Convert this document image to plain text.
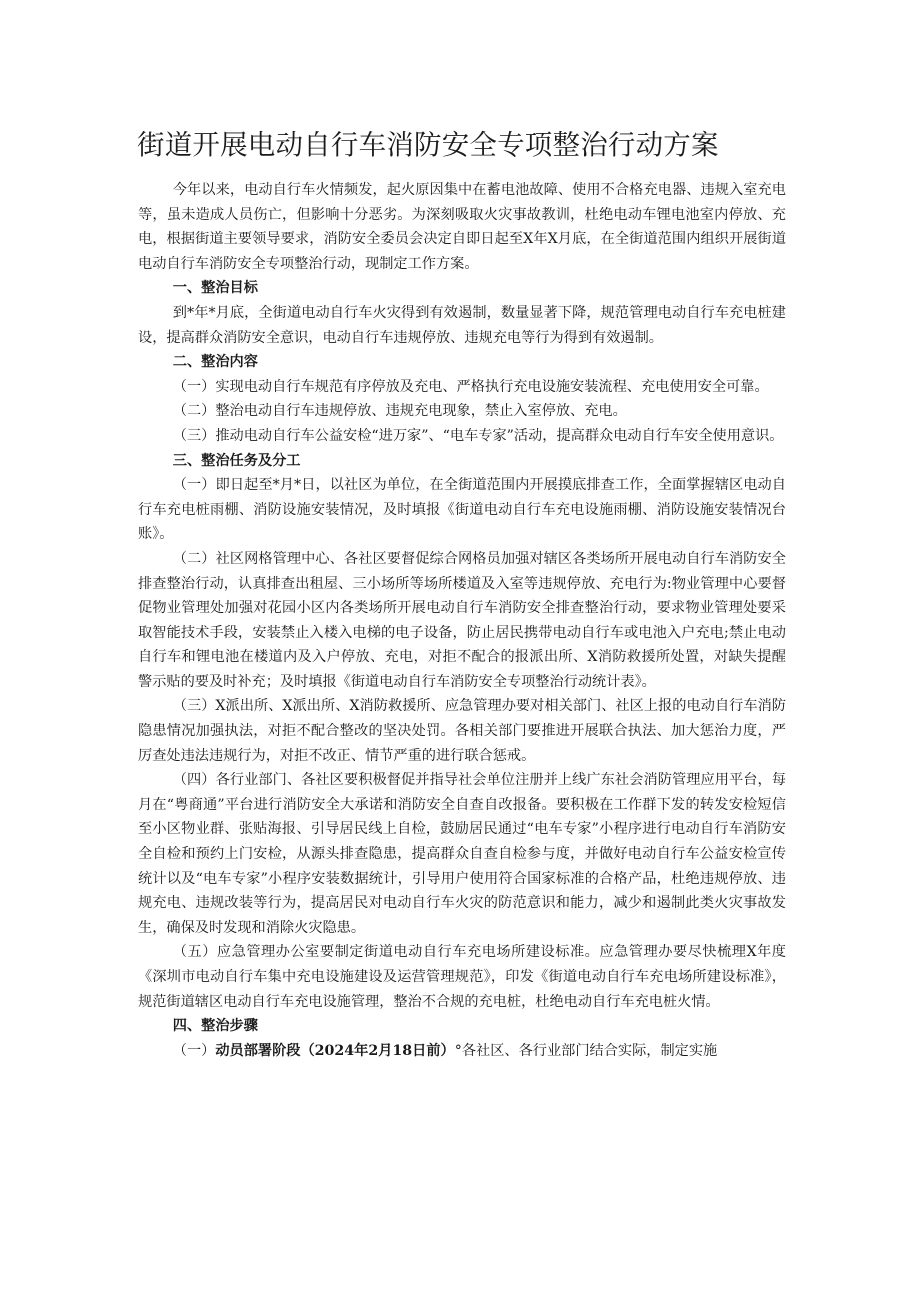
街道开展电动自行车消防安全专项整治行动方案

今年以来，电动自行车火情频发，起火原因集中在蓄电池故障、使用不合格充电器、违规入室充电等，虽未造成人员伤亡，但影响十分恶劣。为深刻吸取火灾事故教训，杜绝电动车锂电池室内停放、充电，根据街道主要领导要求，消防安全委员会决定自即日起至X年X月底，在全街道范围内组织开展街道电动自行车消防安全专项整治行动，现制定工作方案。

一、整治目标

到*年*月底，全街道电动自行车火灾得到有效遏制，数量显著下降，规范管理电动自行车充电桩建设，提高群众消防安全意识，电动自行车违规停放、违规充电等行为得到有效遏制。

二、整治内容

（一）实现电动自行车规范有序停放及充电、严格执行充电设施安装流程、充电使用安全可靠。

（二）整治电动自行车违规停放、违规充电现象，禁止入室停放、充电。

（三）推动电动自行车公益安检“进万家”、“电车专家”活动，提高群众电动自行车安全使用意识。

三、整治任务及分工

（一）即日起至*月*日，以社区为单位，在全街道范围内开展摸底排查工作，全面掌握辖区电动自行车充电桩雨棚、消防设施安装情况，及时填报《街道电动自行车充电设施雨棚、消防设施安装情况台账》。

（二）社区网格管理中心、各社区要督促综合网格员加强对辖区各类场所开展电动自行车消防安全排查整治行动，认真排查出租屋、三小场所等场所楼道及入室等违规停放、充电行为:物业管理中心要督促物业管理处加强对花园小区内各类场所开展电动自行车消防安全排查整治行动，要求物业管理处要采取智能技术手段，安装禁止入楼入电梯的电子设备，防止居民携带电动自行车或电池入户充电;禁止电动自行车和锂电池在楼道内及入户停放、充电，对拒不配合的报派出所、X消防救援所处置，对缺失提醒警示贴的要及时补充；及时填报《街道电动自行车消防安全专项整治行动统计表》。

（三）X派出所、X派出所、X消防救援所、应急管理办要对相关部门、社区上报的电动自行车消防隐患情况加强执法，对拒不配合整改的坚决处罚。各相关部门要推进开展联合执法、加大惩治力度，严厉查处违法违规行为，对拒不改正、情节严重的进行联合惩戒。

（四）各行业部门、各社区要积极督促并指导社会单位注册并上线广东社会消防管理应用平台，每月在“粤商通”平台进行消防安全大承诺和消防安全自查自改报备。要积极在工作群下发的转发安检短信至小区物业群、张贴海报、引导居民线上自检，鼓励居民通过“电车专家”小程序进行电动自行车消防安全自检和预约上门安检，从源头排查隐患，提高群众自查自检参与度，并做好电动自行车公益安检宣传统计以及“电车专家”小程序安装数据统计，引导用户使用符合国家标准的合格产品，杜绝违规停放、违规充电、违规改装等行为，提高居民对电动自行车火灾的防范意识和能力，减少和遏制此类火灾事故发生，确保及时发现和消除火灾隐患。

（五）应急管理办公室要制定街道电动自行车充电场所建设标准。应急管理办要尽快梳理X年度《深圳市电动自行车集中充电设施建设及运营管理规范》，印发《街道电动自行车充电场所建设标准》，规范街道辖区电动自行车充电设施管理，整治不合规的充电桩，杜绝电动自行车充电桩火情。

四、整治步骤

（一）动员部署阶段（2024年2月18日前）°各社区、各行业部门结合实际，制定实施
